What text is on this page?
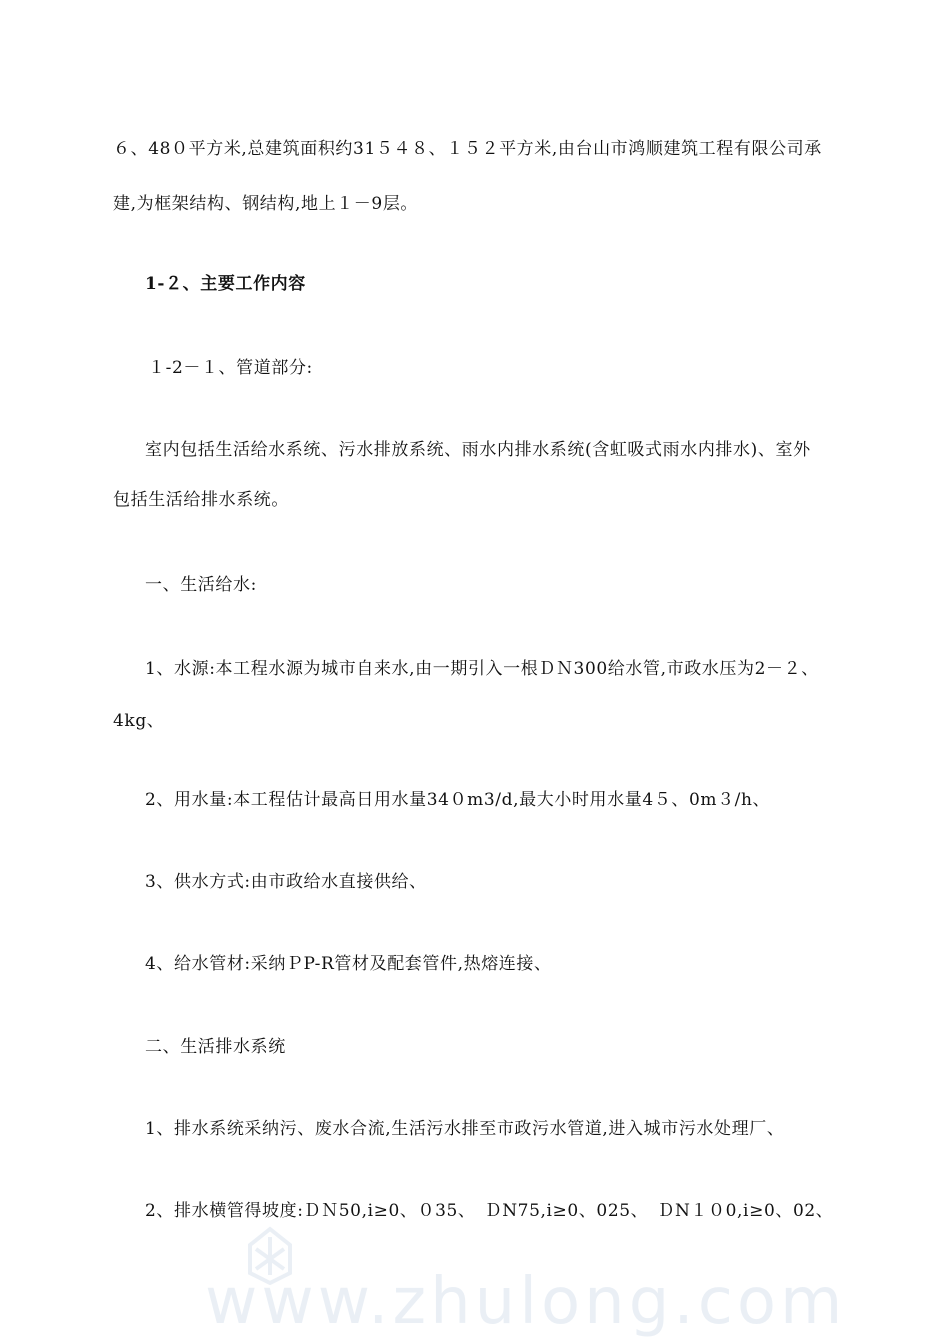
６、48０平方米,总建筑面积约31５４８、１５２平方米,由台山市鸿顺建筑工程有限公司承
建,为框架结构、钢结构,地上１－9层。
1-２、主要工作内容
１-2－１、管道部分:
室内包括生活给水系统、污水排放系统、雨水内排水系统(含虹吸式雨水内排水)、室外
包括生活给排水系统。
一、生活给水:
1、水源:本工程水源为城市自来水,由一期引入一根ＤＮ300给水管,市政水压为2－２、
4kg、
2、用水量:本工程估计最高日用水量34０m3/d,最大小时用水量4５、0m３/h、
3、供水方式:由市政给水直接供给、
4、给水管材:采纳ＰP-R管材及配套管件,热熔连接、
二、生活排水系统
1、排水系统采纳污、废水合流,生活污水排至市政污水管道,进入城市污水处理厂、
2、排水横管得坡度:ＤＮ50,i≥0、０35、　ＤN75,i≥0、025、　ＤN１０0,i≥0、02、
www.zhulong.com
